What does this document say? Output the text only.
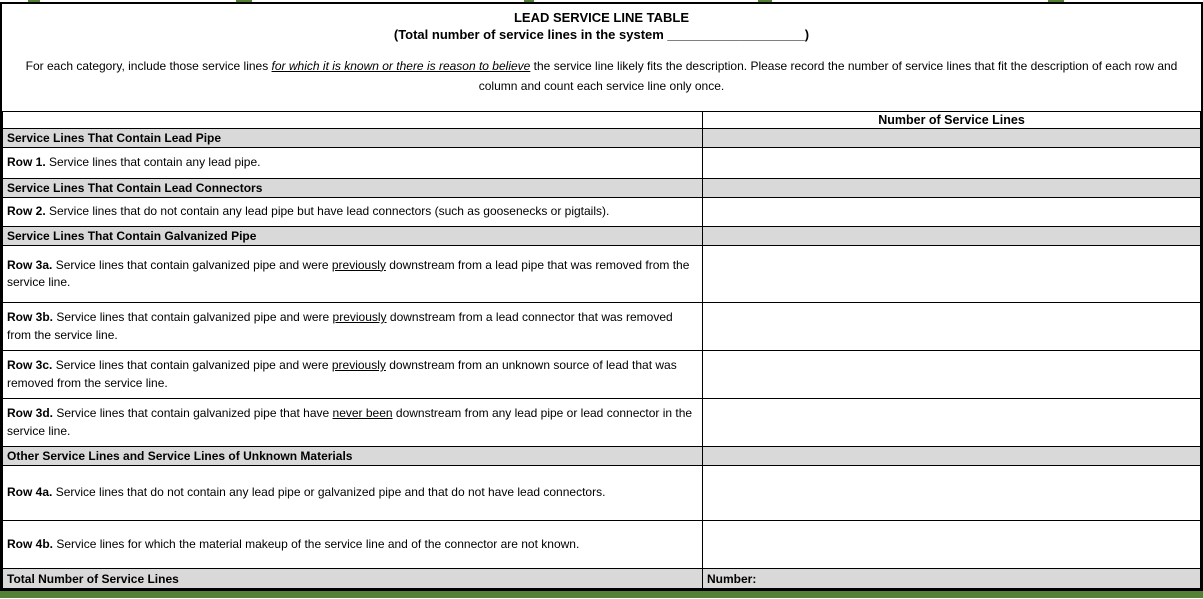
LEAD SERVICE LINE TABLE
(Total number of service lines in the system ___________________)
For each category, include those service lines for which it is known or there is reason to believe the service line likely fits the description. Please record the number of service lines that fit the description of each row and column and count each service line only once.
	Number of Service Lines
Service Lines That Contain Lead Pipe	
Row 1. Service lines that contain any lead pipe.	
Service Lines That Contain Lead Connectors	
Row 2. Service lines that do not contain any lead pipe but have lead connectors (such as goosenecks or pigtails).	
Service Lines That Contain Galvanized Pipe	
Row 3a. Service lines that contain galvanized pipe and were previously downstream from a lead pipe that was removed from the service line.	
Row 3b. Service lines that contain galvanized pipe and were previously downstream from a lead connector that was removed from the service line.	
Row 3c. Service lines that contain galvanized pipe and were previously downstream from an unknown source of lead that was removed from the service line.	
Row 3d. Service lines that contain galvanized pipe that have never been downstream from any lead pipe or lead connector in the service line.	
Other Service Lines and Service Lines of Unknown Materials	
Row 4a. Service lines that do not contain any lead pipe or galvanized pipe and that do not have lead connectors.	
Row 4b. Service lines for which the material makeup of the service line and of the connector are not known.	
Total Number of Service Lines	Number:
